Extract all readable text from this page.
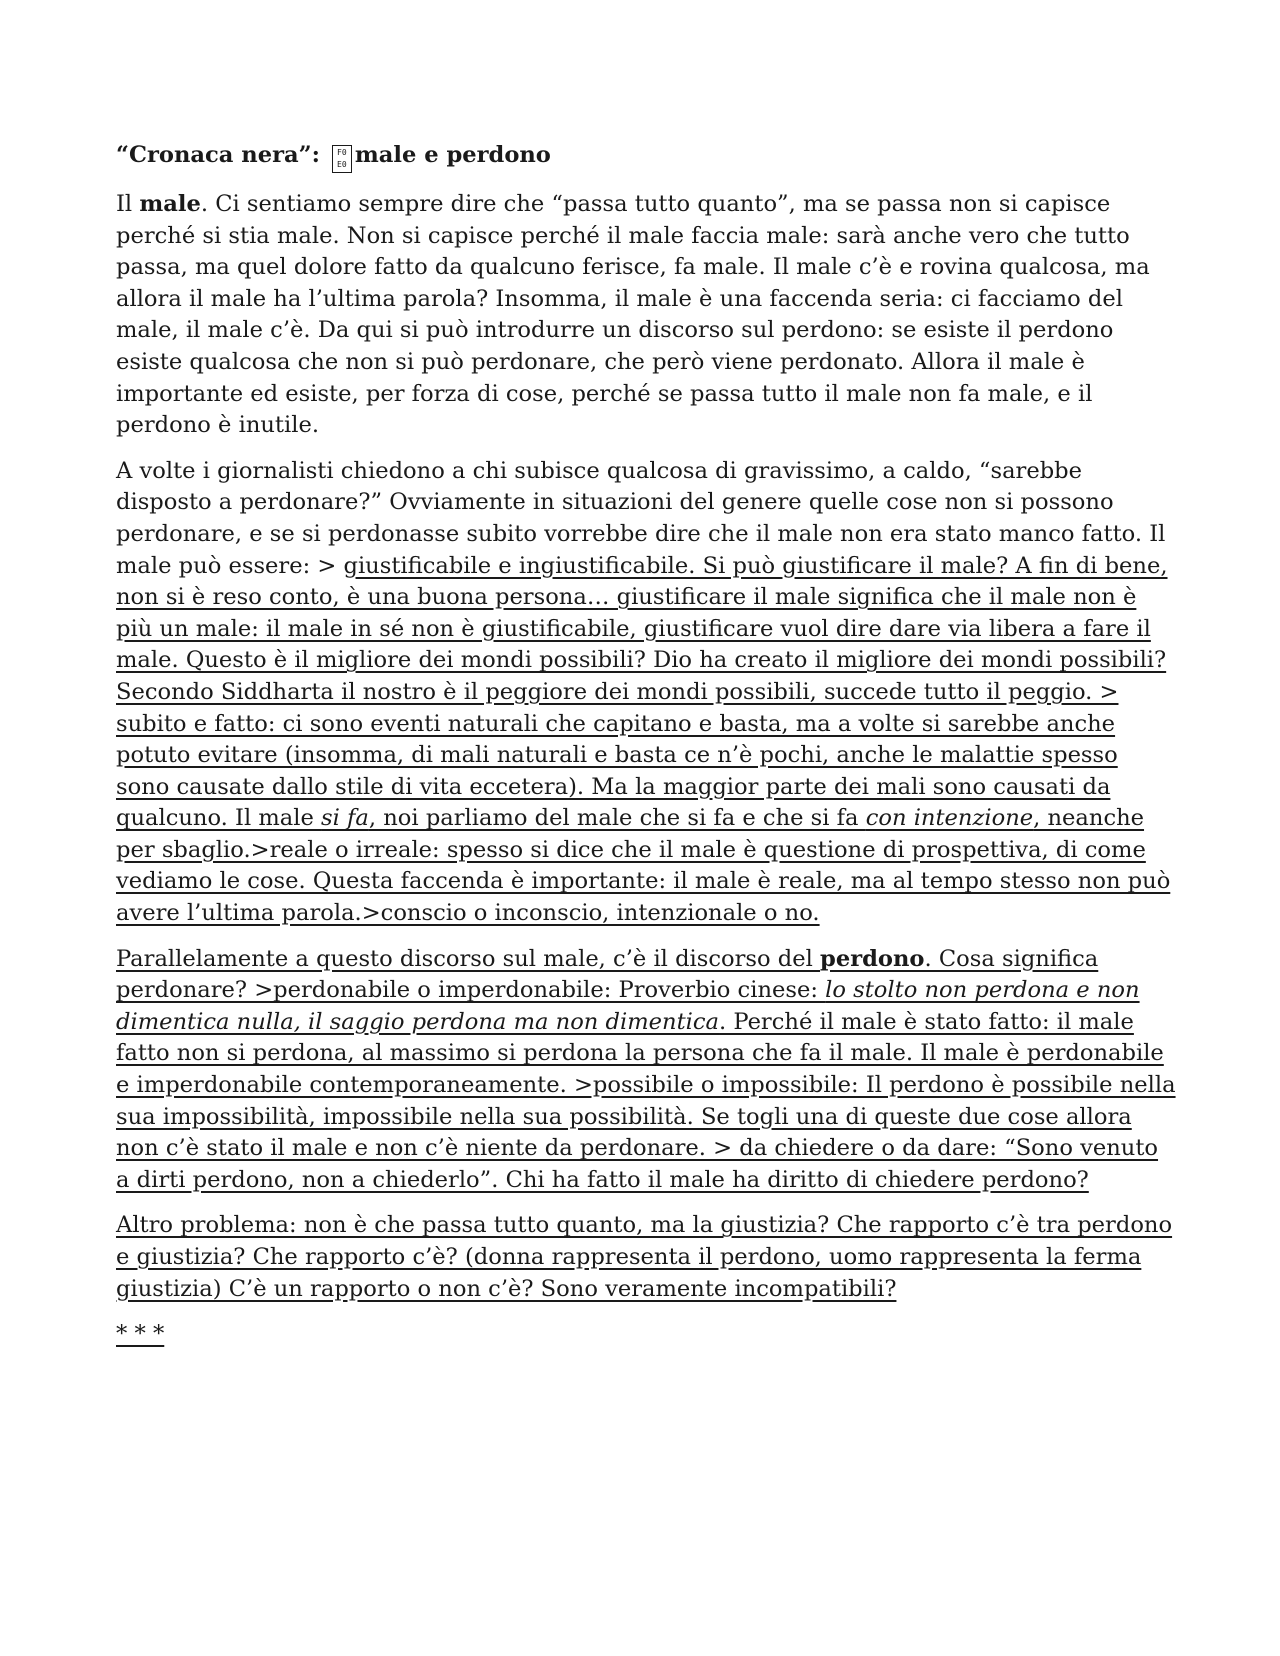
“Cronaca nera”:	F0
E0 male e perdono

Il male. Ci sentiamo sempre dire che “passa tutto quanto”, ma se passa non si capisce perché si stia male. Non si capisce perché il male faccia male: sarà anche vero che tutto passa, ma quel dolore fatto da qualcuno ferisce, fa male. Il male c’è e rovina qualcosa, ma allora il male ha l’ultima parola? Insomma, il male è una faccenda seria: ci facciamo del male, il male c’è. Da qui si può introdurre un discorso sul perdono: se esiste il perdono esiste qualcosa che non si può perdonare, che però viene perdonato. Allora il male è importante ed esiste, per forza di cose, perché se passa tutto il male non fa male, e il perdono è inutile.

A volte i giornalisti chiedono a chi subisce qualcosa di gravissimo, a caldo, “sarebbe disposto a perdonare?” Ovviamente in situazioni del genere quelle cose non si possono perdonare, e se si perdonasse subito vorrebbe dire che il male non era stato manco fatto. Il male può essere: > giustificabile e ingiustificabile. Si può giustificare il male? A fin di bene, non si è reso conto, è una buona persona… giustificare il male significa che il male non è più un male: il male in sé non è giustificabile, giustificare vuol dire dare via libera a fare il male. Questo è il migliore dei mondi possibili? Dio ha creato il migliore dei mondi possibili? Secondo Siddharta il nostro è il peggiore dei mondi possibili, succede tutto il peggio. > subito e fatto: ci sono eventi naturali che capitano e basta, ma a volte si sarebbe anche potuto evitare (insomma, di mali naturali e basta ce n’è pochi, anche le malattie spesso sono causate dallo stile di vita eccetera). Ma la maggior parte dei mali sono causati da qualcuno. Il male si fa, noi parliamo del male che si fa e che si fa con intenzione, neanche per sbaglio.>reale o irreale: spesso si dice che il male è questione di prospettiva, di come vediamo le cose. Questa faccenda è importante: il male è reale, ma al tempo stesso non può avere l’ultima parola.>conscio o inconscio, intenzionale o no.

Parallelamente a questo discorso sul male, c’è il discorso del perdono. Cosa significa perdonare? >perdonabile o imperdonabile: Proverbio cinese: lo stolto non perdona e non dimentica nulla, il saggio perdona ma non dimentica. Perché il male è stato fatto: il male fatto non si perdona, al massimo si perdona la persona che fa il male. Il male è perdonabile e imperdonabile contemporaneamente. >possibile o impossibile: Il perdono è possibile nella sua impossibilità, impossibile nella sua possibilità. Se togli una di queste due cose allora non c’è stato il male e non c’è niente da perdonare. > da chiedere o da dare: “Sono venuto a dirti perdono, non a chiederlo”. Chi ha fatto il male ha diritto di chiedere perdono?

Altro problema: non è che passa tutto quanto, ma la giustizia? Che rapporto c’è tra perdono e giustizia? Che rapporto c’è? (donna rappresenta il perdono, uomo rappresenta la ferma giustizia) C’è un rapporto o non c’è? Sono veramente incompatibili?

* * *
